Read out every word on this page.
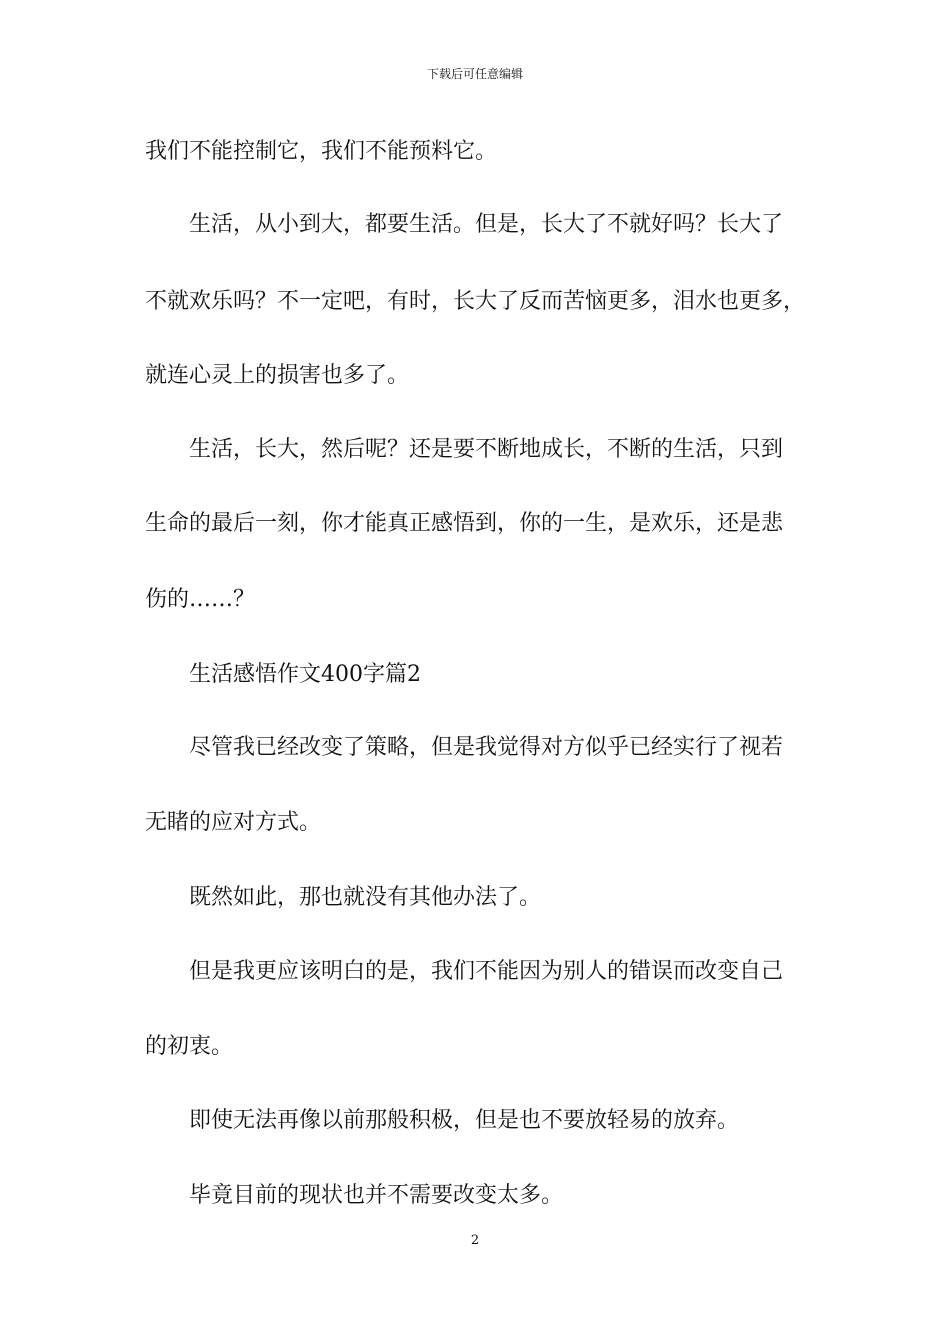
下载后可任意编辑
我们不能控制它，我们不能预料它。
　　生活，从小到大，都要生活。但是，长大了不就好吗？长大了
不就欢乐吗？不一定吧，有时，长大了反而苦恼更多，泪水也更多，
就连心灵上的损害也多了。
　　生活，长大，然后呢？还是要不断地成长，不断的生活，只到
生命的最后一刻，你才能真正感悟到，你的一生，是欢乐，还是悲
伤的……？
　　生活感悟作文400字篇2
　　尽管我已经改变了策略，但是我觉得对方似乎已经实行了视若
无睹的应对方式。
　　既然如此，那也就没有其他办法了。
　　但是我更应该明白的是，我们不能因为别人的错误而改变自己
的初衷。
　　即使无法再像以前那般积极，但是也不要放轻易的放弃。
　　毕竟目前的现状也并不需要改变太多。
2
